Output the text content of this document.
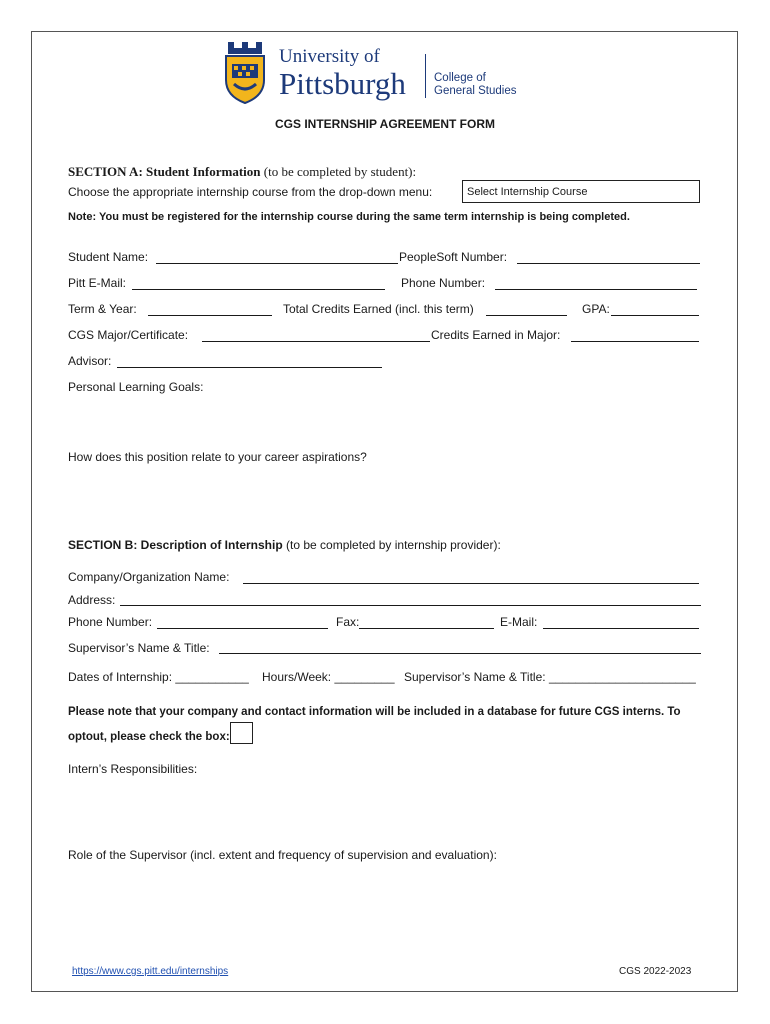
University of
Pittsburgh College of
General Studies
CGS INTERNSHIP AGREEMENT FORM
SECTION A: Student Information (to be completed by student):
Choose the appropriate internship course from the drop-down menu:	Select Internship Course
Note: You must be registered for the internship course during the same term internship is being completed.
Student Name:	PeopleSoft Number:
Pitt E-Mail:	Phone Number:
Term & Year:	Total Credits Earned (incl. this term)	GPA:
CGS Major/Certificate:	Credits Earned in Major:
Advisor:
Personal Learning Goals:
How does this position relate to your career aspirations?
SECTION B: Description of Internship (to be completed by internship provider):
Company/Organization Name:
Address:
Phone Number:	Fax:	E-Mail:
Supervisor’s Name & Title:
Dates of Internship: ___________ Hours/Week: _________ Supervisor’s Name & Title: ______________________
Please note that your company and contact information will be included in a database for future CGS interns. To
optout, please check the box:
Intern’s Responsibilities:
Role of the Supervisor (incl. extent and frequency of supervision and evaluation):
https://www.cgs.pitt.edu/internships	CGS 2022-2023
